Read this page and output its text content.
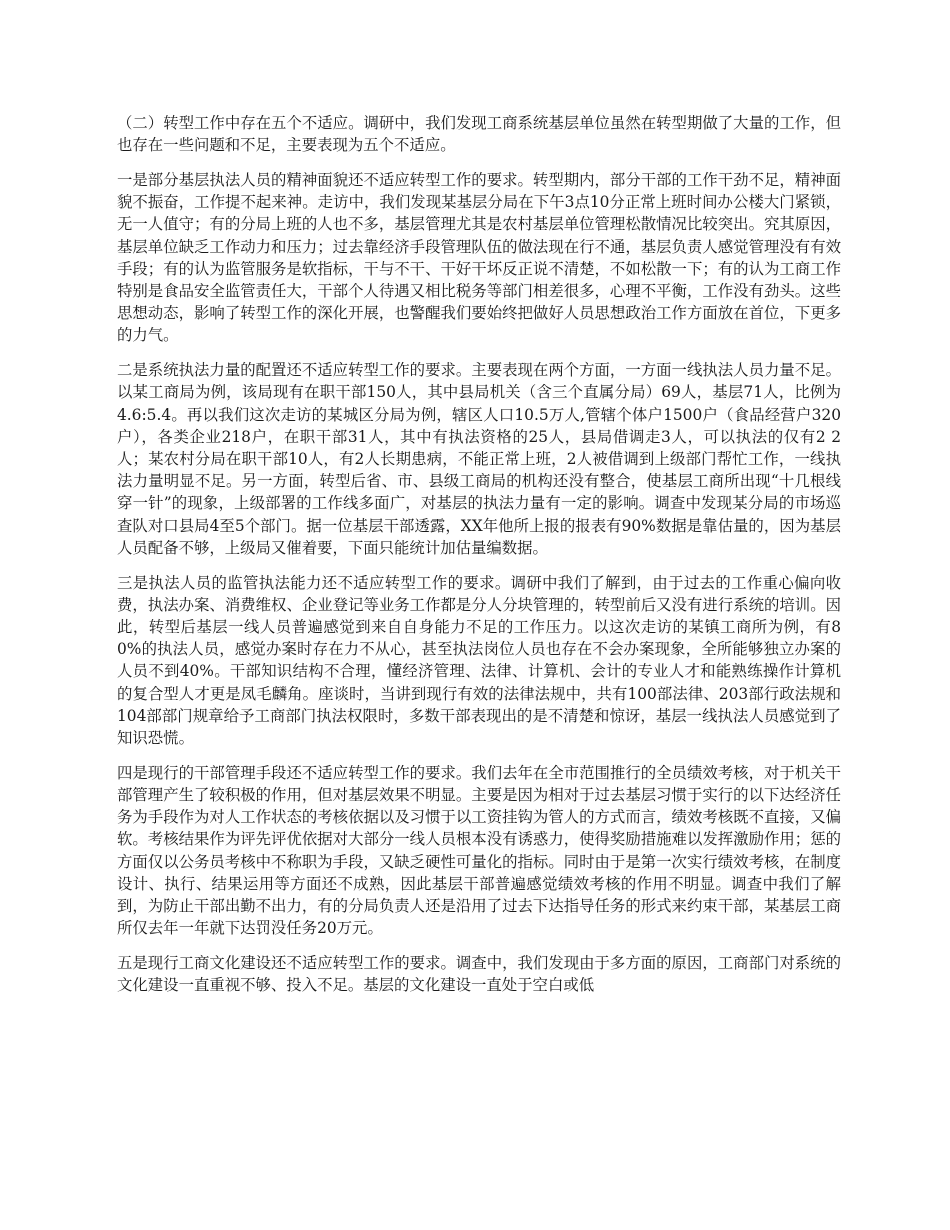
（二）转型工作中存在五个不适应。调研中，我们发现工商系统基层单位虽然在转型期做了大量的工作，但也存在一些问题和不足，主要表现为五个不适应。

一是部分基层执法人员的精神面貌还不适应转型工作的要求。转型期内，部分干部的工作干劲不足，精神面貌不振奋，工作提不起来神。走访中，我们发现某基层分局在下午3点10分正常上班时间办公楼大门紧锁，无一人值守；有的分局上班的人也不多，基层管理尤其是农村基层单位管理松散情况比较突出。究其原因，基层单位缺乏工作动力和压力；过去靠经济手段管理队伍的做法现在行不通，基层负责人感觉管理没有有效手段；有的认为监管服务是软指标，干与不干、干好干坏反正说不清楚，不如松散一下；有的认为工商工作特别是食品安全监管责任大，干部个人待遇又相比税务等部门相差很多，心理不平衡，工作没有劲头。这些思想动态，影响了转型工作的深化开展，也警醒我们要始终把做好人员思想政治工作方面放在首位，下更多的力气。

二是系统执法力量的配置还不适应转型工作的要求。主要表现在两个方面，一方面一线执法人员力量不足。以某工商局为例，该局现有在职干部150人，其中县局机关（含三个直属分局）69人，基层71人，比例为4.6:5.4。再以我们这次走访的某城区分局为例，辖区人口10.5万人,管辖个体户1500户（食品经营户320户），各类企业218户，在职干部31人，其中有执法资格的25人，县局借调走3人，可以执法的仅有2 2人；某农村分局在职干部10人，有2人长期患病，不能正常上班，2人被借调到上级部门帮忙工作，一线执法力量明显不足。另一方面，转型后省、市、县级工商局的机构还没有整合，使基层工商所出现“十几根线穿一针”的现象，上级部署的工作线多面广，对基层的执法力量有一定的影响。调查中发现某分局的市场巡查队对口县局4至5个部门。据一位基层干部透露，XX年他所上报的报表有90%数据是靠估量的，因为基层人员配备不够，上级局又催着要，下面只能统计加估量编数据。

三是执法人员的监管执法能力还不适应转型工作的要求。调研中我们了解到，由于过去的工作重心偏向收费，执法办案、消费维权、企业登记等业务工作都是分人分块管理的，转型前后又没有进行系统的培训。因此，转型后基层一线人员普遍感觉到来自自身能力不足的工作压力。以这次走访的某镇工商所为例，有80%的执法人员，感觉办案时存在力不从心，甚至执法岗位人员也存在不会办案现象，全所能够独立办案的人员不到40%。干部知识结构不合理，懂经济管理、法律、计算机、会计的专业人才和能熟练操作计算机的复合型人才更是凤毛麟角。座谈时，当讲到现行有效的法律法规中，共有100部法律、203部行政法规和104部部门规章给予工商部门执法权限时，多数干部表现出的是不清楚和惊讶，基层一线执法人员感觉到了知识恐慌。

四是现行的干部管理手段还不适应转型工作的要求。我们去年在全市范围推行的全员绩效考核，对于机关干部管理产生了较积极的作用，但对基层效果不明显。主要是因为相对于过去基层习惯于实行的以下达经济任务为手段作为对人工作状态的考核依据以及习惯于以工资挂钩为管人的方式而言，绩效考核既不直接，又偏软。考核结果作为评先评优依据对大部分一线人员根本没有诱惑力，使得奖励措施难以发挥激励作用；惩的方面仅以公务员考核中不称职为手段，又缺乏硬性可量化的指标。同时由于是第一次实行绩效考核，在制度设计、执行、结果运用等方面还不成熟，因此基层干部普遍感觉绩效考核的作用不明显。调查中我们了解到，为防止干部出勤不出力，有的分局负责人还是沿用了过去下达指导任务的形式来约束干部，某基层工商所仅去年一年就下达罚没任务20万元。

五是现行工商文化建设还不适应转型工作的要求。调查中，我们发现由于多方面的原因，工商部门对系统的文化建设一直重视不够、投入不足。基层的文化建设一直处于空白或低
